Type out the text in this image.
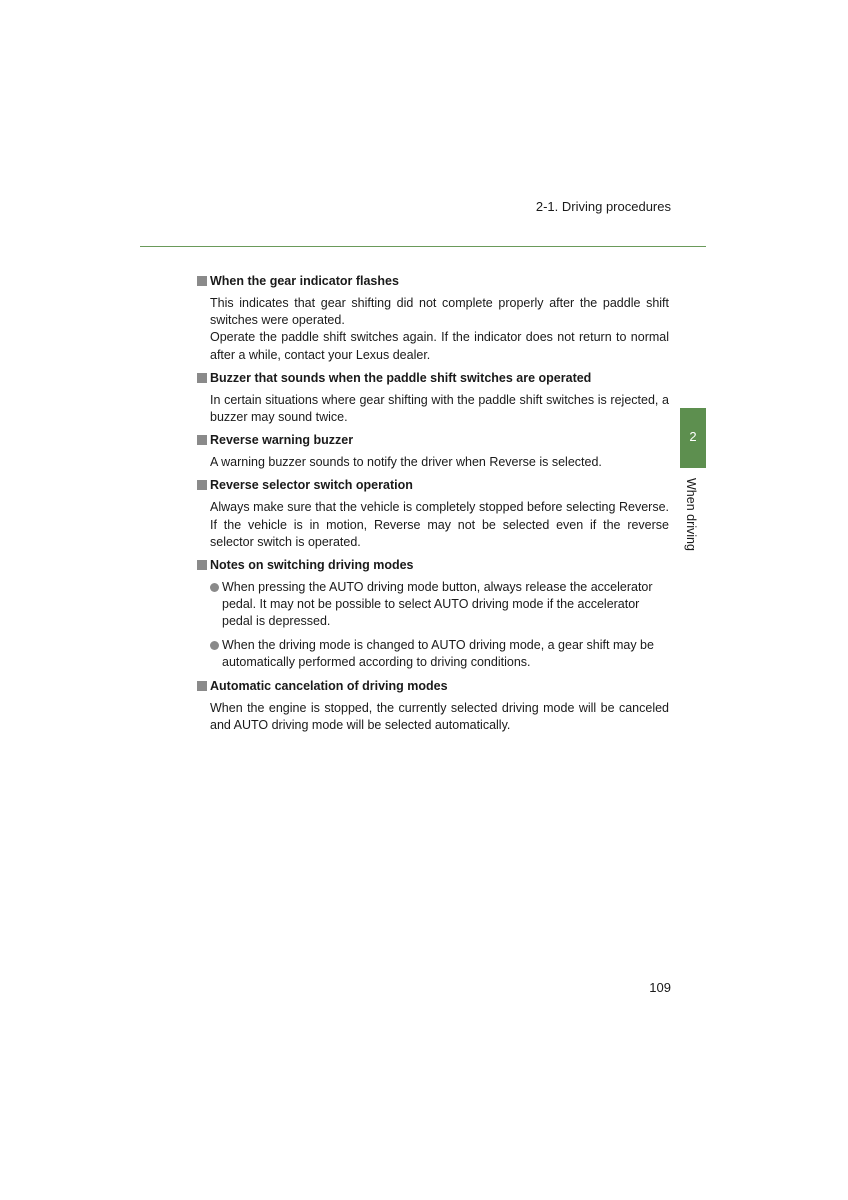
2-1. Driving procedures
2
When driving
When the gear indicator flashes

This indicates that gear shifting did not complete properly after the paddle shift switches were operated.

Operate the paddle shift switches again. If the indicator does not return to normal after a while, contact your Lexus dealer.

Buzzer that sounds when the paddle shift switches are operated

In certain situations where gear shifting with the paddle shift switches is rejected, a buzzer may sound twice.

Reverse warning buzzer

A warning buzzer sounds to notify the driver when Reverse is selected.

Reverse selector switch operation

Always make sure that the vehicle is completely stopped before selecting Reverse. If the vehicle is in motion, Reverse may not be selected even if the reverse selector switch is operated.

Notes on switching driving modes
When pressing the AUTO driving mode button, always release the accelerator pedal. It may not be possible to select AUTO driving mode if the accelerator pedal is depressed.
When the driving mode is changed to AUTO driving mode, a gear shift may be automatically performed according to driving conditions.
Automatic cancelation of driving modes

When the engine is stopped, the currently selected driving mode will be canceled and AUTO driving mode will be selected automatically.

109
